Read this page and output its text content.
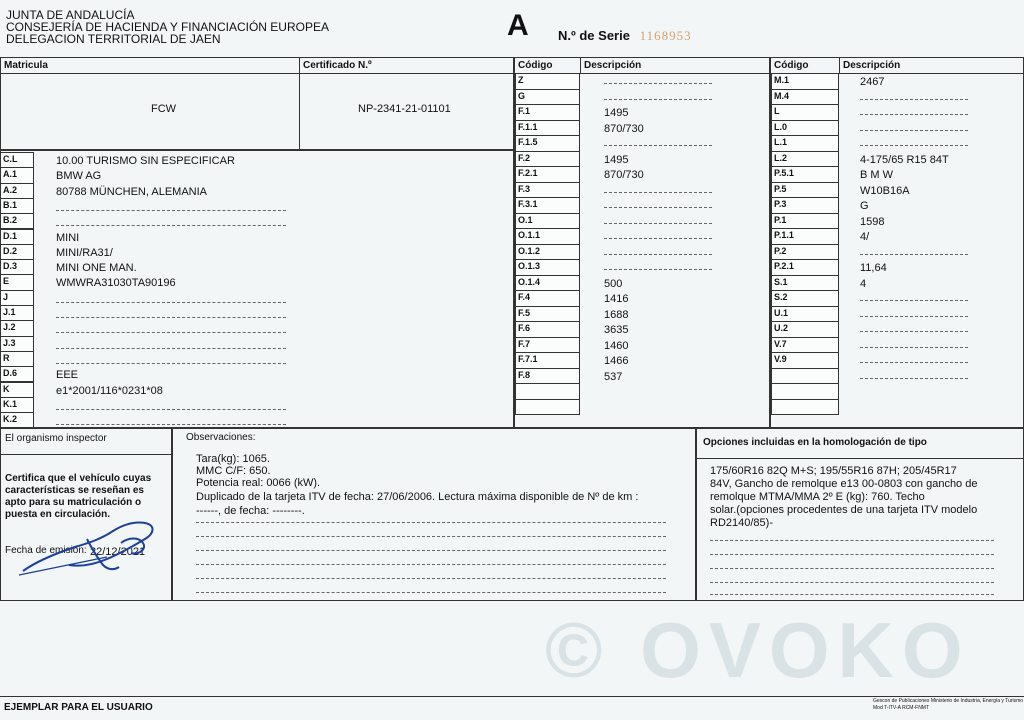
JUNTA DE ANDALUCÍA
CONSEJERÍA DE HACIENDA Y FINANCIACIÓN EUROPEA
DELEGACION TERRITORIAL DE JAEN	A N.º de Serie 1168953
Matricula
FCW
Certificado N.º
NP-2341-21-01101
C.L	10.00 TURISMO SIN ESPECIFICAR
A.1	BMW AG
A.2	80788 MÜNCHEN, ALEMANIA
B.1
B.2
D.1	MINI
D.2	MINI/RA31/
D.3	MINI ONE MAN.
E	WMWRA31030TA90196
J
J.1
J.2
J.3
R
D.6	EEE
K	e1*2001/116*0231*08
K.1
K.2
Código	Descripción	Código	Descripción
Z
G
F.1	1495
F.1.1	870/730
F.1.5
F.2	1495
F.2.1	870/730
F.3
F.3.1
O.1
O.1.1
O.1.2
O.1.3
O.1.4	500
F.4	1416
F.5	1688
F.6	3635
F.7	1460
F.7.1	1466
F.8	537
M.1	2467
M.4
L
L.0
L.1
L.2	4-175/65 R15 84T
P.5.1	B M W
P.5	W10B16A
P.3	G
P.1	1598
P.1.1	4/
P.2
P.2.1	11,64
S.1	4
S.2
U.1
U.2
V.7
V.9
El organismo inspector
Certifica que el vehículo cuyas
características se reseñan es
apto para su matriculación o
puesta en circulación.
Fecha de emisión: 22/12/2021
Observaciones:
Tara(kg): 1065.
MMC C/F: 650.
Potencia real: 0066 (kW).
Duplicado de la tarjeta ITV de fecha: 27/06/2006. Lectura máxima disponible de Nº de km :
------, de fecha: --------.
Opciones incluidas en la homologación de tipo
175/60R16 82Q M+S; 195/55R16 87H; 205/45R17
84V, Gancho de remolque e13 00-0803 con gancho de
remolque MTMA/MMA 2º E (kg): 760. Techo
solar.(opciones procedentes de una tarjeta ITV modelo
RD2140/85)-
© OVOKO
EJEMPLAR PARA EL USUARIO
Gescon de Publicaciones Ministerio de Industria, Energía y Turismo
Mod T-ITV-A RCM-FNMT
